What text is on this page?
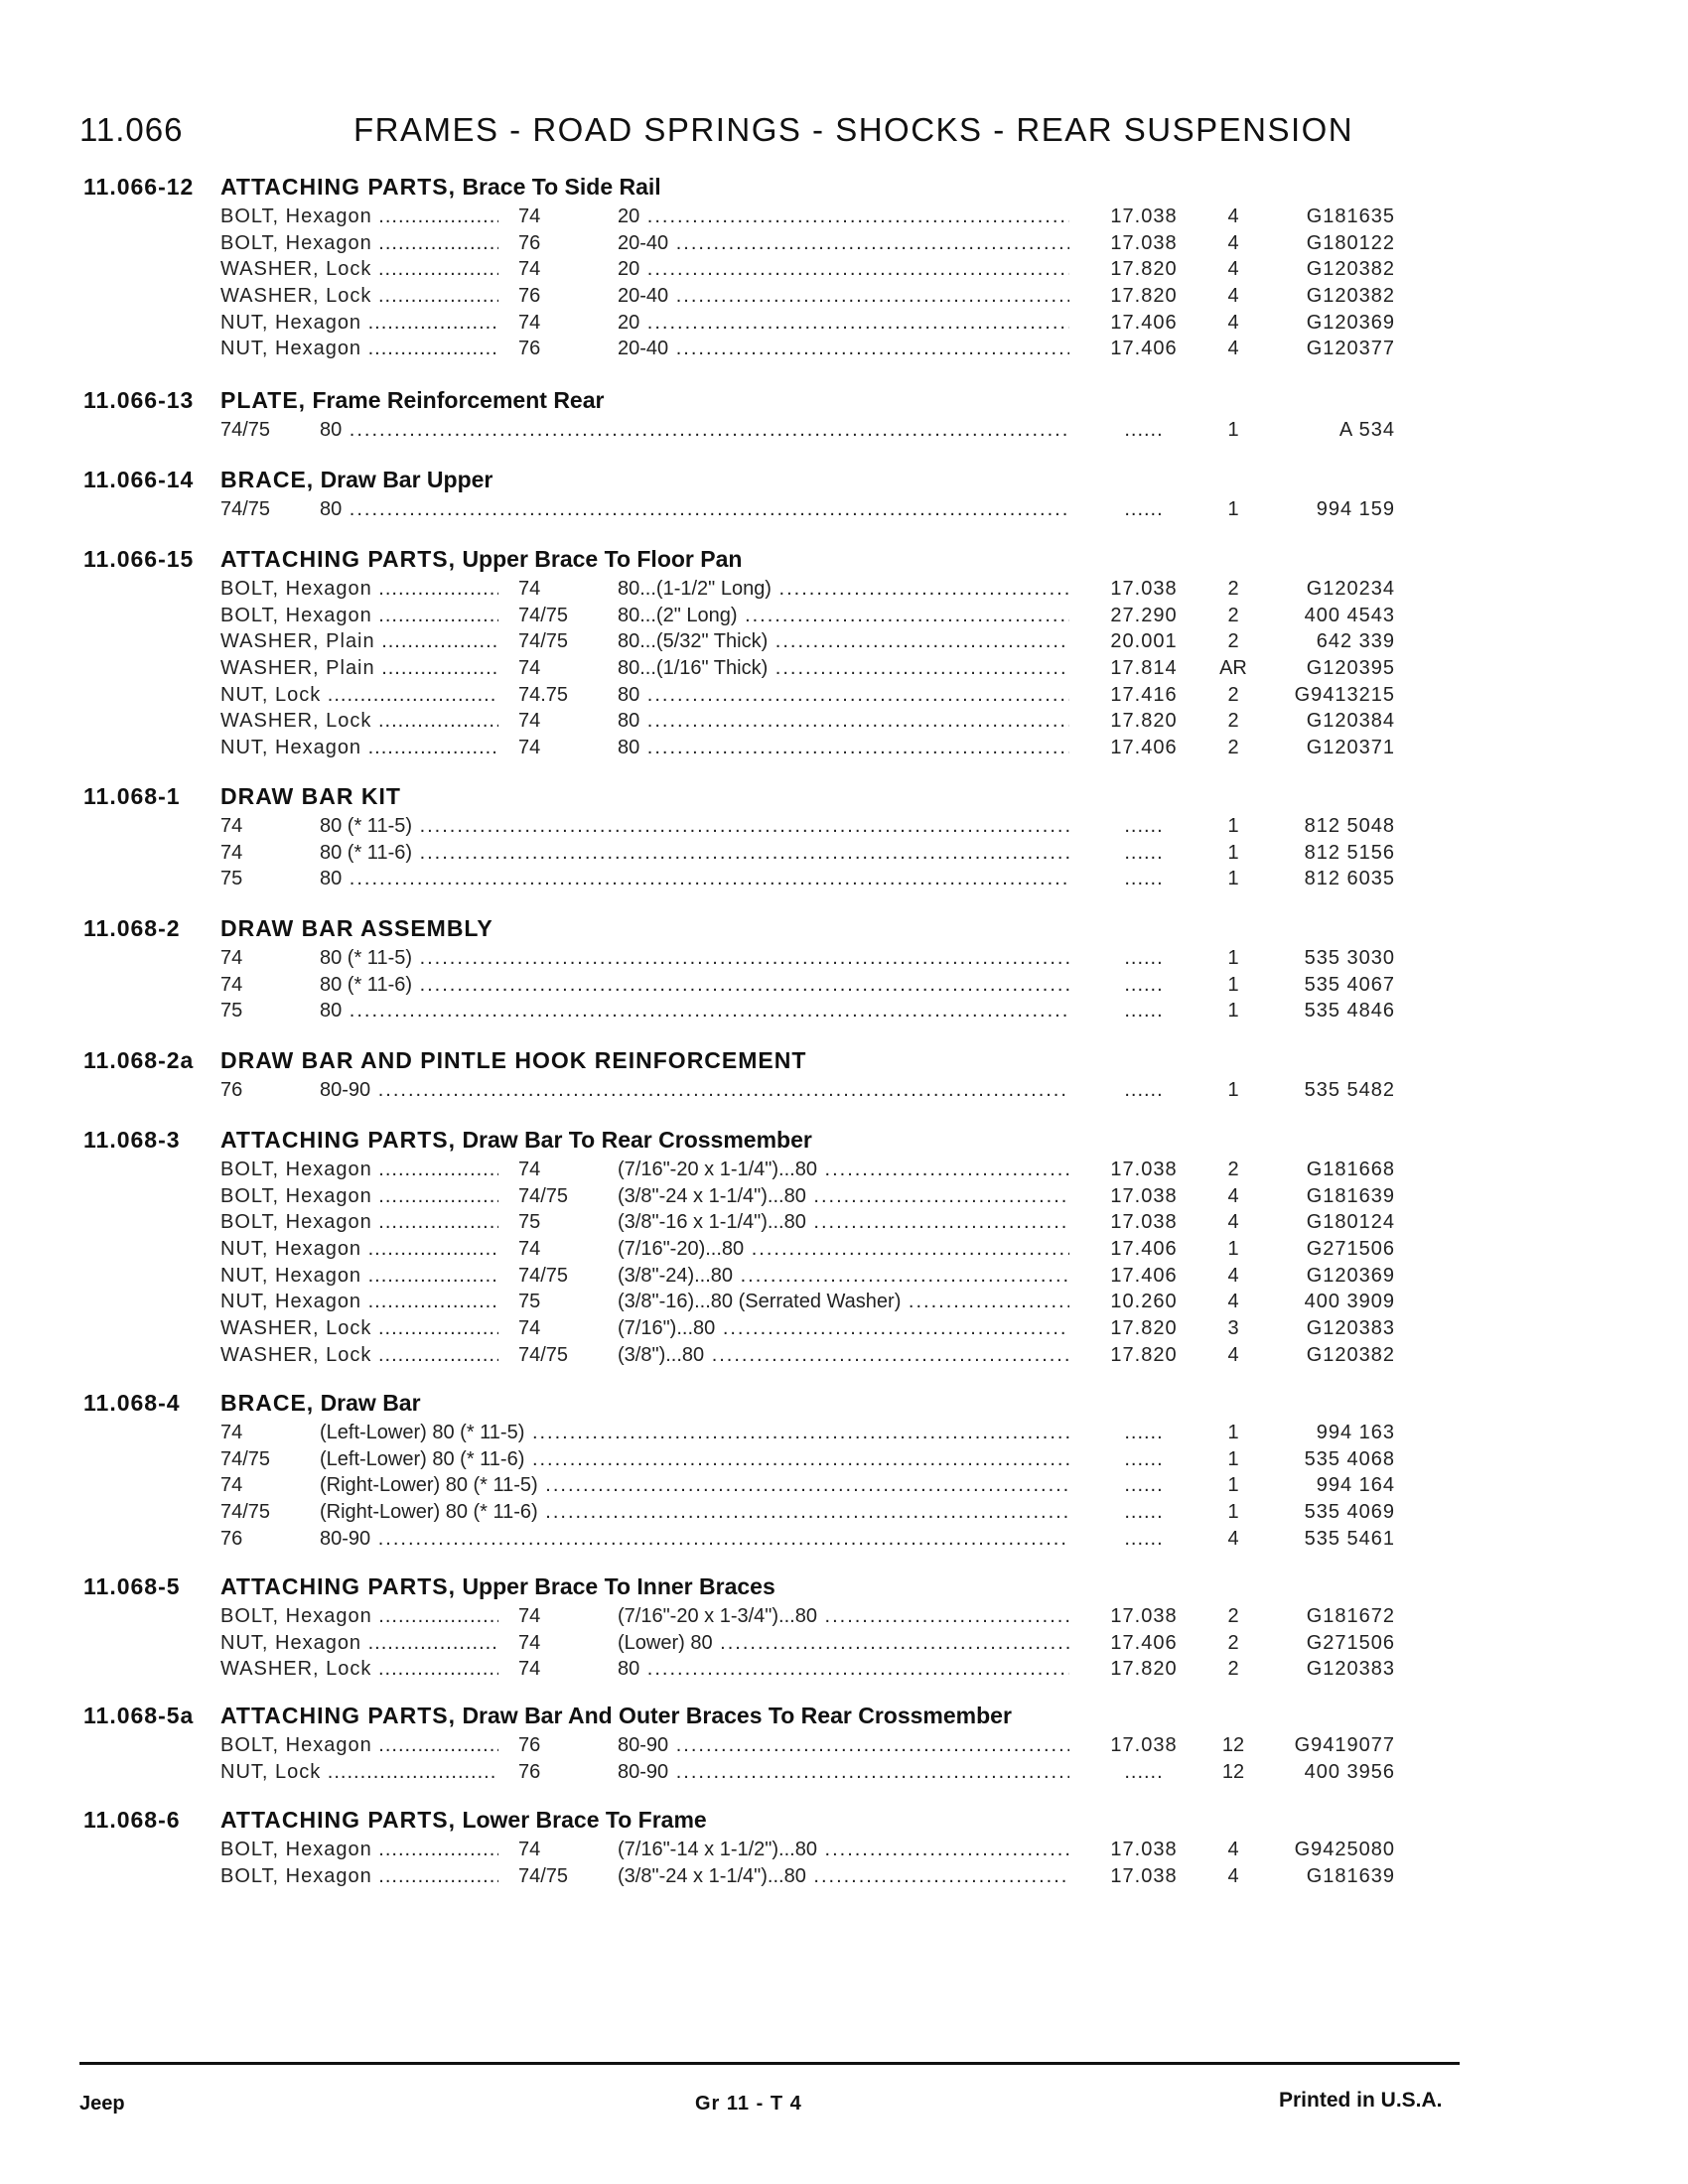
11.066	FRAMES - ROAD SPRINGS - SHOCKS - REAR SUSPENSION
11.066-12 ATTACHING PARTS, Brace To Side Rail
BOLT, Hexagon .....	74	20 .....	17.038	4	G181635
BOLT, Hexagon .....	76	20-40 .....	17.038	4	G180122
WASHER, Lock .....	74	20 .....	17.820	4	G120382
WASHER, Lock .....	76	20-40 .....	17.820	4	G120382
NUT, Hexagon .....	74	20 .....	17.406	4	G120369
NUT, Hexagon .....	76	20-40 .....	17.406	4	G120377
11.066-13 PLATE, Frame Reinforcement Rear
74/75 80 .....	......	1	A 534
11.066-14 BRACE, Draw Bar Upper
74/75 80 .....	......	1	994 159
11.066-15 ATTACHING PARTS, Upper Brace To Floor Pan
BOLT, Hexagon .....	74	80...(1-1/2" Long) .....	17.038	2	G120234
BOLT, Hexagon .....	74/75 80...(2" Long) .....	27.290	2	400 4543
WASHER, Plain .....	74/75 80...(5/32" Thick) .....	20.001	2	642 339
WASHER, Plain .....	74	80...(1/16" Thick) .....	17.814	AR	G120395
NUT, Lock .....	74.75 80 .....	17.416	2	G9413215
WASHER, Lock .....	74	80 .....	17.820	2	G120384
NUT, Hexagon .....	74	80 .....	17.406	2	G120371
11.068-1 DRAW BAR KIT
74	80 (* 11-5) .....	......	1	812 5048
74	80 (* 11-6) .....	......	1	812 5156
75	80 .....	......	1	812 6035
11.068-2 DRAW BAR ASSEMBLY
74	80 (* 11-5) .....	......	1	535 3030
74	80 (* 11-6) .....	......	1	535 4067
75	80 .....	......	1	535 4846
11.068-2a DRAW BAR AND PINTLE HOOK REINFORCEMENT
76	80-90 .....	......	1	535 5482
11.068-3 ATTACHING PARTS, Draw Bar To Rear Crossmember
BOLT, Hexagon .....	74	(7/16"-20 x 1-1/4")...80 .....	17.038	2	G181668
BOLT, Hexagon .....	74/75 (3/8"-24 x 1-1/4")...80 .....	17.038	4	G181639
BOLT, Hexagon .....	75	(3/8"-16 x 1-1/4")...80 .....	17.038	4	G180124
NUT, Hexagon .....	74	(7/16"-20)...80 .....	17.406	1	G271506
NUT, Hexagon .....	74/75 (3/8"-24)...80 .....	17.406	4	G120369
NUT, Hexagon .....	75	(3/8"-16)...80 (Serrated Washer) .....	10.260	4	400 3909
WASHER, Lock .....	74	(7/16")...80 .....	17.820	3	G120383
WASHER, Lock .....	74/75 (3/8")...80 .....	17.820	4	G120382
11.068-4 BRACE, Draw Bar
74	(Left-Lower) 80 (* 11-5) .....	......	1	994 163
74/75 (Left-Lower) 80 (* 11-6) .....	......	1	535 4068
74	(Right-Lower) 80 (* 11-5) .....	......	1	994 164
74/75 (Right-Lower) 80 (* 11-6) .....	......	1	535 4069
76	80-90 .....	......	4	535 5461
11.068-5 ATTACHING PARTS, Upper Brace To Inner Braces
BOLT, Hexagon .....	74	(7/16"-20 x 1-3/4")...80 .....	17.038	2	G181672
NUT, Hexagon .....	74	(Lower) 80 .....	17.406	2	G271506
WASHER, Lock .....	74	80 .....	17.820	2	G120383
11.068-5a ATTACHING PARTS, Draw Bar And Outer Braces To Rear Crossmember
BOLT, Hexagon .....	76	80-90 .....	17.038	12	G9419077
NUT, Lock .....	76	80-90 .....	......	12	400 3956
11.068-6 ATTACHING PARTS, Lower Brace To Frame
BOLT, Hexagon .....	74	(7/16"-14 x 1-1/2")...80 .....	17.038	4	G9425080
BOLT, Hexagon .....	74/75 (3/8"-24 x 1-1/4")...80 .....	17.038	4	G181639
Jeep	Gr 11 - T 4	Printed in U.S.A.
